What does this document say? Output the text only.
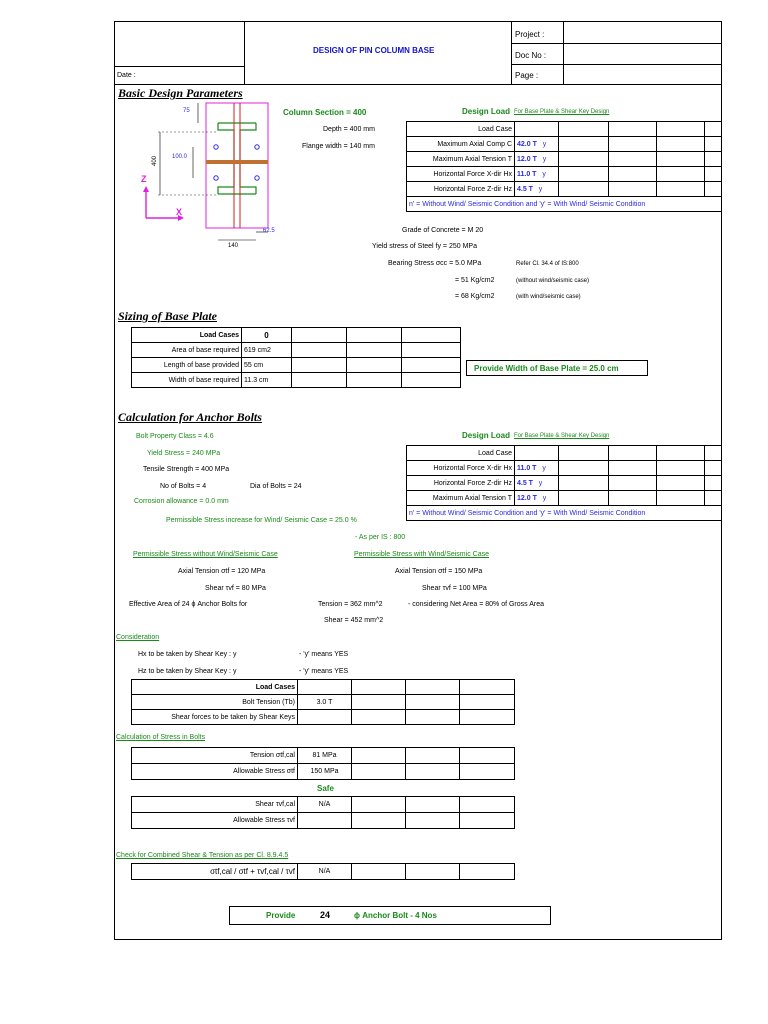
Date :
DESIGN OF PIN COLUMN BASE
Project :
Doc No :
Page :
Basic Design Parameters
75
400 100.0
62.5
140
Z
X
Column Section = 400
Depth = 400 mm
Flange width = 140 mm
Design Load For Base Plate & Shear Key Design
Load Case					
Maximum Axial Comp C	42.0 T y				
Maximum Axial Tension T	12.0 T y				
Horizontal Force X-dir Hx	11.0 T y				
Horizontal Force Z-dir Hz	4.5 T y				
n' = Without Wind/ Seismic Condition and 'y' = With Wind/ Seismic Condition					
Grade of Concrete = M 20
Yield stress of Steel fy = 250 MPa
Bearing Stress σcc = 5.0 MPa	Refer Cl. 34.4 of IS:800
= 51 Kg/cm2	(without wind/seismic case)
= 68 Kg/cm2	(with wind/seismic case)
Sizing of Base Plate
Load Cases	0			
Area of base required	619 cm2			
Length of base provided	55 cm			
Width of base required	11.3 cm			
Provide Width of Base Plate = 25.0 cm
Calculation for Anchor Bolts
Bolt Property Class = 4.6
Yield Stress = 240 MPa
Tensile Strength = 400 MPa
No of Bolts = 4	Dia of Bolts = 24
Corrosion allowance = 0.0 mm
Permissible Stress increase for Wind/ Seismic Case = 25.0 %
- As per IS : 800
Design Load For Base Plate & Shear Key Design
Load Case					
Horizontal Force X-dir Hx	11.0 T y				
Horizontal Force Z-dir Hz	4.5 T y				
Maximum Axial Tension T	12.0 T y				
n' = Without Wind/ Seismic Condition and 'y' = With Wind/ Seismic Condition					
Permissible Stress without Wind/Seismic Case	Permissible Stress with Wind/Seismic Case
Axial Tension σtf = 120 MPa
Shear τvf = 80 MPa
Axial Tension σtf = 150 MPa
Shear τvf = 100 MPa
Effective Area of 24 ϕ Anchor Bolts for	Tension = 362 mm^2	- considering Net Area = 80% of Gross Area
Shear = 452 mm^2
Consideration
Hx to be taken by Shear Key : y
Hz to be taken by Shear Key : y
- 'y' means YES
- 'y' means YES
Load Cases				
Bolt Tension (Tb)	3.0 T			
Shear forces to be taken by Shear Keys				
Calculation of Stress in Bolts
Tension σtf,cal	81 MPa			
Allowable Stress σtf	150 MPa			
Safe
Shear τvf,cal	N/A			
Allowable Stress τvf				
Check for Combined Shear & Tension as per Cl. 8.9.4.5
σtf,cal / σtf + τvf,cal / τvf	N/A			
Provide	24	ϕ Anchor Bolt - 4 Nos
